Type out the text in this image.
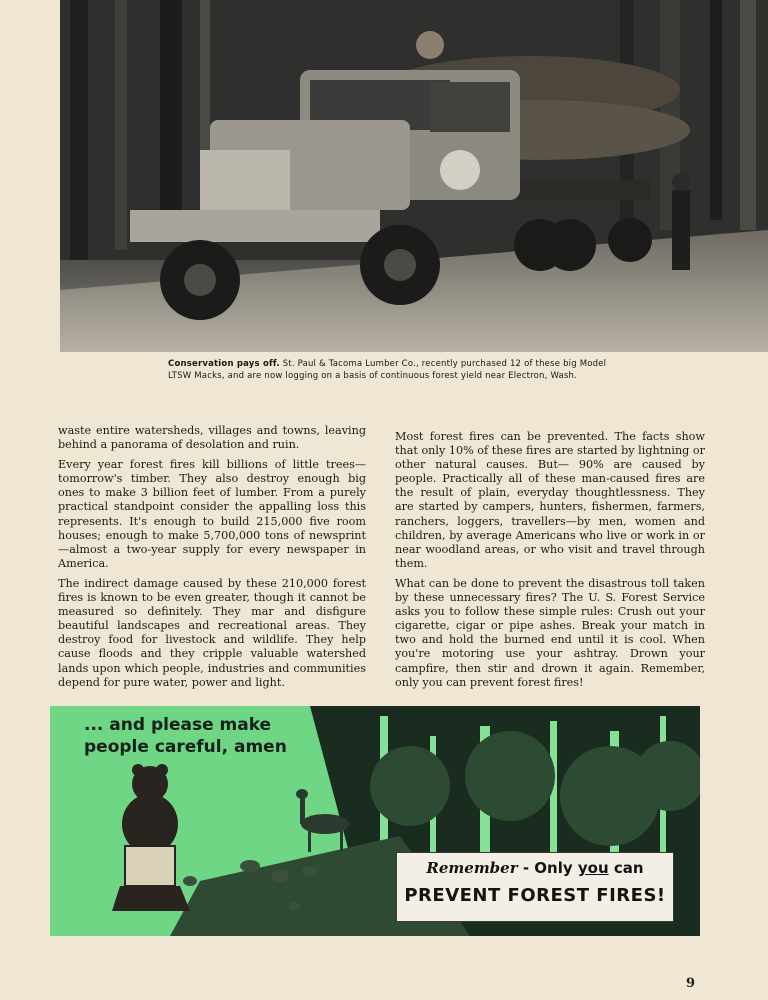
Conservation pays off. St. Paul & Tacoma Lumber Co., recently purchased 12 of these big Model LTSW Macks, and are now logging on a basis of continuous forest yield near Electron, Wash.

waste entire watersheds, villages and towns, leaving behind a panorama of desolation and ruin.

Every year forest fires kill billions of little trees—tomorrow's timber. They also destroy enough big ones to make 3 billion feet of lumber. From a purely practical standpoint consider the appalling loss this represents. It's enough to build 215,000 five room houses; enough to make 5,700,000 tons of newsprint—almost a two-year supply for every newspaper in America.

The indirect damage caused by these 210,000 forest fires is known to be even greater, though it cannot be measured so definitely. They mar and disfigure beautiful landscapes and recreational areas. They destroy food for livestock and wildlife. They help cause floods and they cripple valuable watershed lands upon which people, industries and communities depend for pure water, power and light.

Most forest fires can be prevented. The facts show that only 10% of these fires are started by lightning or other natural causes. But— 90% are caused by people. Practically all of these man-caused fires are the result of plain, everyday thoughtlessness. They are started by campers, hunters, fishermen, farmers, ranchers, loggers, travellers—by men, women and children, by average Americans who live or work in or near woodland areas, or who visit and travel through them.

What can be done to prevent the disastrous toll taken by these unnecessary fires? The U. S. Forest Service asks you to follow these simple rules: Crush out your cigarette, cigar or pipe ashes. Break your match in two and hold the burned end until it is cool. When you're motoring use your ashtray. Drown your campfire, then stir and drown it again. Remember, only you can prevent forest fires!

... and please make
people careful, amen
Remember - Only you can
PREVENT FOREST FIRES!
9
